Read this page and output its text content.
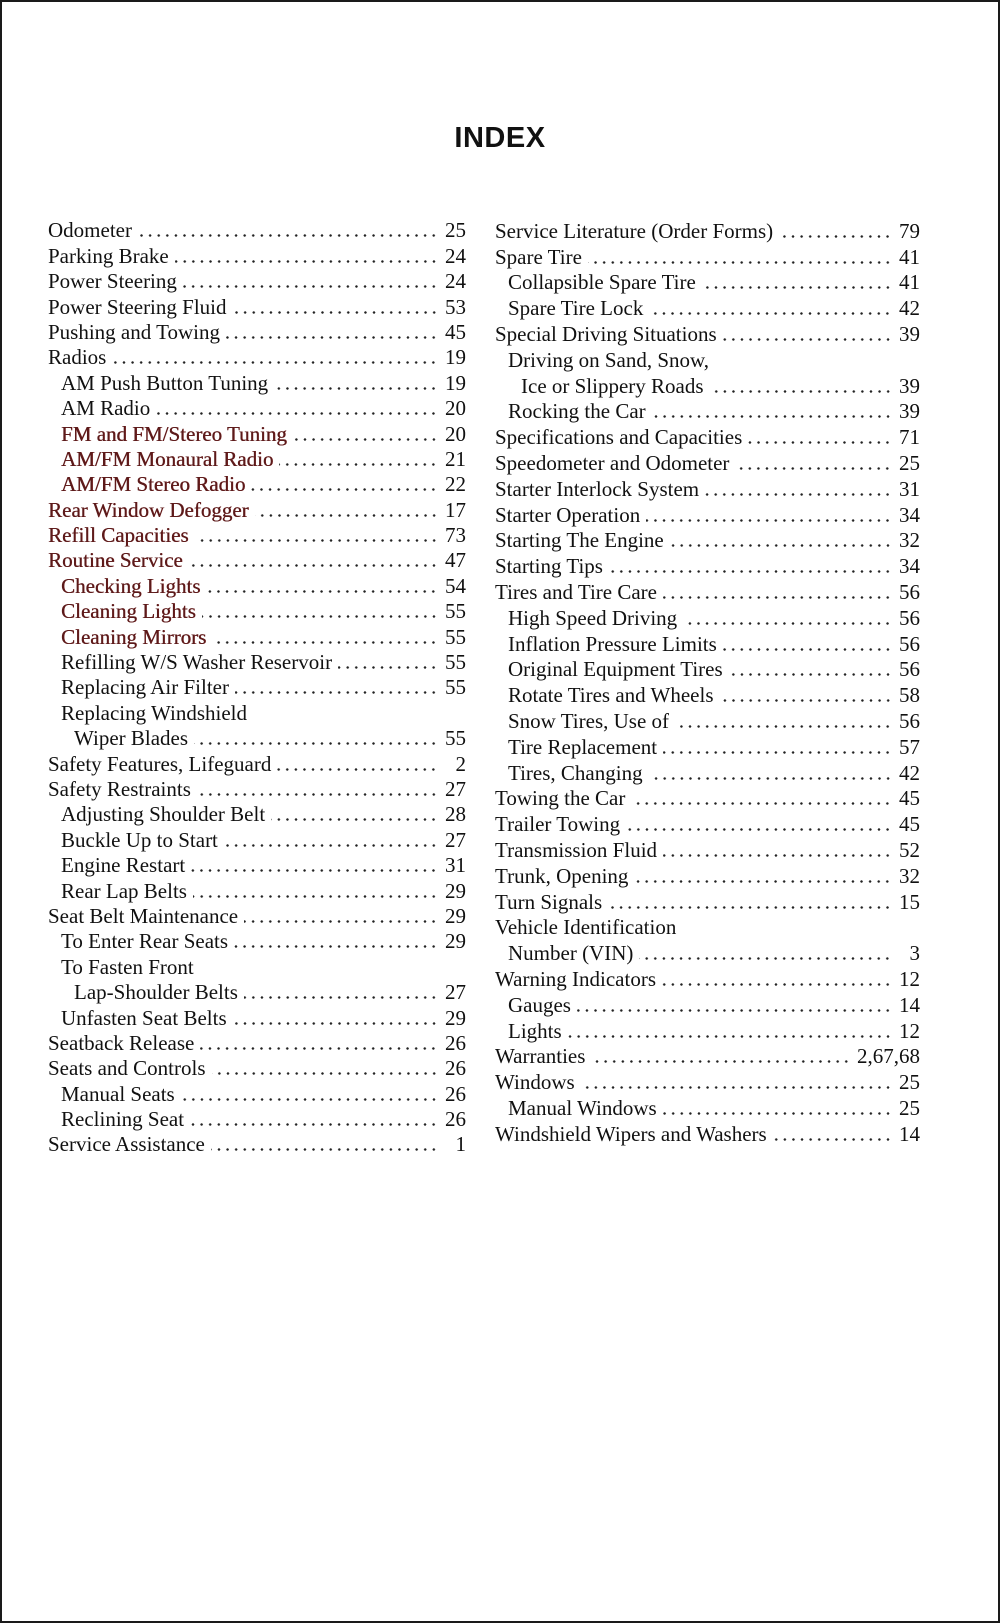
INDEX
Odometer	25
Parking Brake	24
Power Steering	24
Power Steering Fluid	53
Pushing and Towing	45
Radios	19
AM Push Button Tuning	19
AM Radio	20
FM and FM/Stereo Tuning	20
AM/FM Monaural Radio	21
AM/FM Stereo Radio	22
Rear Window Defogger	17
Refill Capacities	73
Routine Service	47
Checking Lights	54
Cleaning Lights	55
Cleaning Mirrors	55
Refilling W/S Washer Reservoir	55
Replacing Air Filter	55
Replacing Windshield
Wiper Blades	55
Safety Features, Lifeguard	2
Safety Restraints	27
Adjusting Shoulder Belt	28
Buckle Up to Start	27
Engine Restart	31
Rear Lap Belts	29
Seat Belt Maintenance	29
To Enter Rear Seats	29
To Fasten Front
Lap-Shoulder Belts	27
Unfasten Seat Belts	29
Seatback Release	26
Seats and Controls	26
Manual Seats	26
Reclining Seat	26
Service Assistance	1
Service Literature (Order Forms)	79
Spare Tire	41
Collapsible Spare Tire	41
Spare Tire Lock	42
Special Driving Situations	39
Driving on Sand, Snow,
Ice or Slippery Roads	39
Rocking the Car	39
Specifications and Capacities	71
Speedometer and Odometer	25
Starter Interlock System	31
Starter Operation	34
Starting The Engine	32
Starting Tips	34
Tires and Tire Care	56
High Speed Driving	56
Inflation Pressure Limits	56
Original Equipment Tires	56
Rotate Tires and Wheels	58
Snow Tires, Use of	56
Tire Replacement	57
Tires, Changing	42
Towing the Car	45
Trailer Towing	45
Transmission Fluid	52
Trunk, Opening	32
Turn Signals	15
Vehicle Identification
Number (VIN)	3
Warning Indicators	12
Gauges	14
Lights	12
Warranties	2,67,68
Windows	25
Manual Windows	25
Windshield Wipers and Washers	14
